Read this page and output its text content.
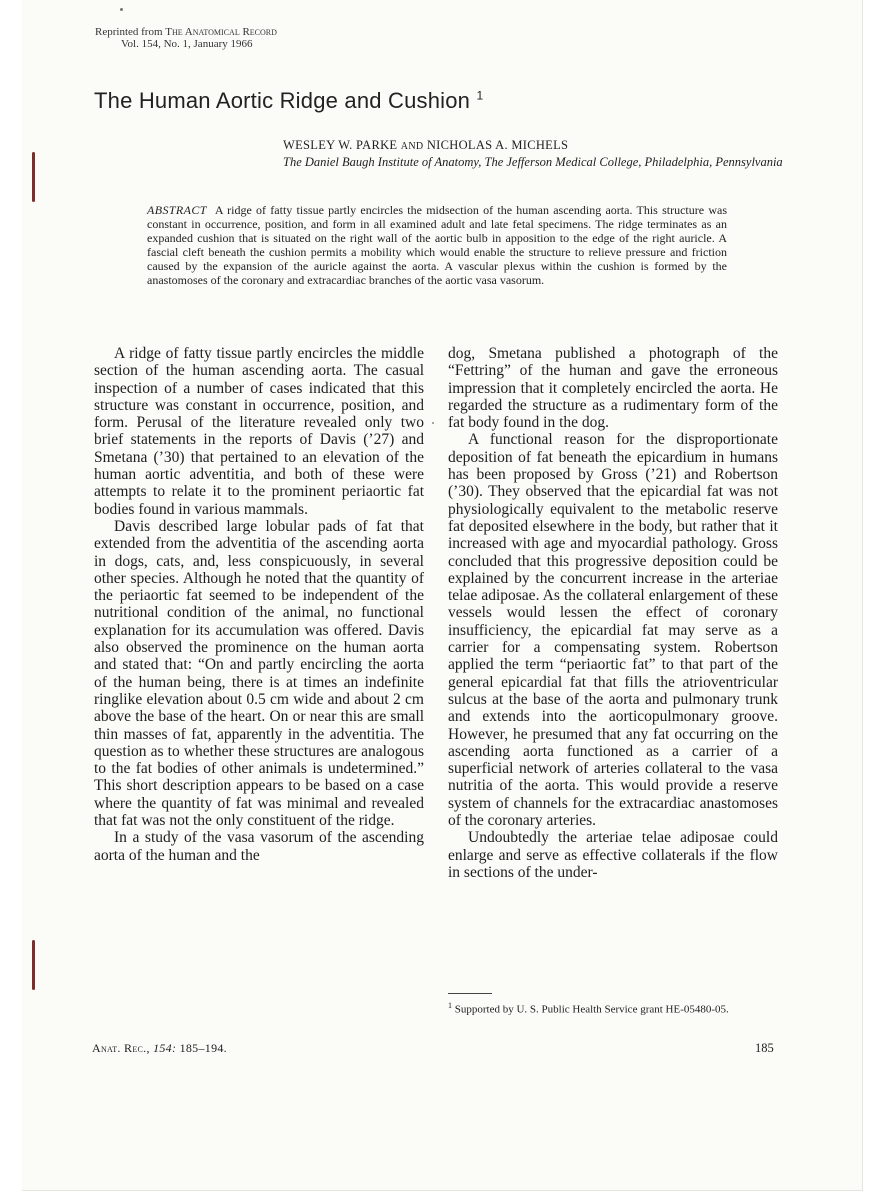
Reprinted from The Anatomical Record
Vol. 154, No. 1, January 1966
The Human Aortic Ridge and Cushion $^1$
WESLEY W. PARKE AND NICHOLAS A. MICHELS
The Daniel Baugh Institute of Anatomy, The Jefferson Medical College, Philadelphia, Pennsylvania
ABSTRACT A ridge of fatty tissue partly encircles the midsection of the human ascending aorta. This structure was constant in occurrence, position, and form in all examined adult and late fetal specimens. The ridge terminates as an expanded cushion that is situated on the right wall of the aortic bulb in apposition to the edge of the right auricle. A fascial cleft beneath the cushion permits a mobility which would enable the structure to relieve pressure and friction caused by the expansion of the auricle against the aorta. A vascular plexus within the cushion is formed by the anastomoses of the coronary and extracardiac branches of the aortic vasa vasorum.

A ridge of fatty tissue partly encircles the middle section of the human ascending aorta. The casual inspection of a number of cases indicated that this structure was constant in occurrence, position, and form. Perusal of the literature revealed only two brief statements in the reports of Davis (’27) and Smetana (’30) that pertained to an elevation of the human aortic adventitia, and both of these were attempts to relate it to the prominent periaortic fat bodies found in various mammals.

Davis described large lobular pads of fat that extended from the adventitia of the ascending aorta in dogs, cats, and, less conspicuously, in several other species. Although he noted that the quantity of the periaortic fat seemed to be independent of the nutritional condition of the animal, no functional explanation for its accumulation was offered. Davis also observed the prominence on the human aorta and stated that: “On and partly encircling the aorta of the human being, there is at times an indefinite ringlike elevation about 0.5 cm wide and about 2 cm above the base of the heart. On or near this are small thin masses of fat, apparently in the adventitia. The question as to whether these structures are analogous to the fat bodies of other animals is undetermined.” This short description appears to be based on a case where the quantity of fat was minimal and revealed that fat was not the only constituent of the ridge.

In a study of the vasa vasorum of the ascending aorta of the human and the

dog, Smetana published a photograph of the “Fettring” of the human and gave the erroneous impression that it completely encircled the aorta. He regarded the structure as a rudimentary form of the fat body found in the dog.

A functional reason for the disproportionate deposition of fat beneath the epicardium in humans has been proposed by Gross (’21) and Robertson (’30). They observed that the epicardial fat was not physiologically equivalent to the metabolic reserve fat deposited elsewhere in the body, but rather that it increased with age and myocardial pathology. Gross concluded that this progressive deposition could be explained by the concurrent increase in the arteriae telae adiposae. As the collateral enlargement of these vessels would lessen the effect of coronary insufficiency, the epicardial fat may serve as a carrier for a compensating system. Robertson applied the term “periaortic fat” to that part of the general epicardial fat that fills the atrioventricular sulcus at the base of the aorta and pulmonary trunk and extends into the aorticopulmonary groove. However, he presumed that any fat occurring on the ascending aorta functioned as a carrier of a superficial network of arteries collateral to the vasa nutritia of the aorta. This would provide a reserve system of channels for the extracardiac anastomoses of the coronary arteries.

Undoubtedly the arteriae telae adiposae could enlarge and serve as effective collaterals if the flow in sections of the under-

$^1$ Supported by U. S. Public Health Service grant HE-05480-05.
Anat. Rec., 154: 185–194.	185
